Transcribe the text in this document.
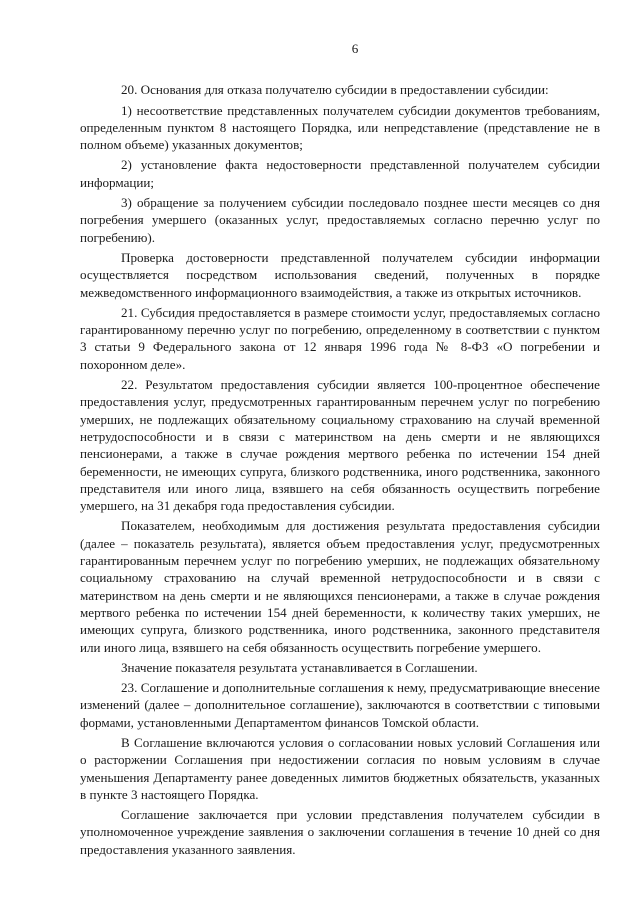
6

20. Основания для отказа получателю субсидии в предоставлении субсидии:

1) несоответствие представленных получателем субсидии документов требованиям, определенным пунктом 8 настоящего Порядка, или непредставление (представление не в полном объеме) указанных документов;

2) установление факта недостоверности представленной получателем субсидии информации;

3) обращение за получением субсидии последовало позднее шести месяцев со дня погребения умершего (оказанных услуг, предоставляемых согласно перечню услуг по погребению).

Проверка достоверности представленной получателем субсидии информации осуществляется посредством использования сведений, полученных в порядке межведомственного информационного взаимодействия, а также из открытых источников.

21. Субсидия предоставляется в размере стоимости услуг, предоставляемых согласно гарантированному перечню услуг по погребению, определенному в соответствии с пунктом 3 статьи 9 Федерального закона от 12 января 1996 года № 8-ФЗ «О погребении и похоронном деле».

22. Результатом предоставления субсидии является 100-процентное обеспечение предоставления услуг, предусмотренных гарантированным перечнем услуг по погребению умерших, не подлежащих обязательному социальному страхованию на случай временной нетрудоспособности и в связи с материнством на день смерти и не являющихся пенсионерами, а также в случае рождения мертвого ребенка по истечении 154 дней беременности, не имеющих супруга, близкого родственника, иного родственника, законного представителя или иного лица, взявшего на себя обязанность осуществить погребение умершего, на 31 декабря года предоставления субсидии.

Показателем, необходимым для достижения результата предоставления субсидии (далее – показатель результата), является объем предоставления услуг, предусмотренных гарантированным перечнем услуг по погребению умерших, не подлежащих обязательному социальному страхованию на случай временной нетрудоспособности и в связи с материнством на день смерти и не являющихся пенсионерами, а также в случае рождения мертвого ребенка по истечении 154 дней беременности, к количеству таких умерших, не имеющих супруга, близкого родственника, иного родственника, законного представителя или иного лица, взявшего на себя обязанность осуществить погребение умершего.

Значение показателя результата устанавливается в Соглашении.

23. Соглашение и дополнительные соглашения к нему, предусматривающие внесение изменений (далее – дополнительное соглашение), заключаются в соответствии с типовыми формами, установленными Департаментом финансов Томской области.

В Соглашение включаются условия о согласовании новых условий Соглашения или о расторжении Соглашения при недостижении согласия по новым условиям в случае уменьшения Департаменту ранее доведенных лимитов бюджетных обязательств, указанных в пункте 3 настоящего Порядка.

Соглашение заключается при условии представления получателем субсидии в уполномоченное учреждение заявления о заключении соглашения в течение 10 дней со дня предоставления указанного заявления.
